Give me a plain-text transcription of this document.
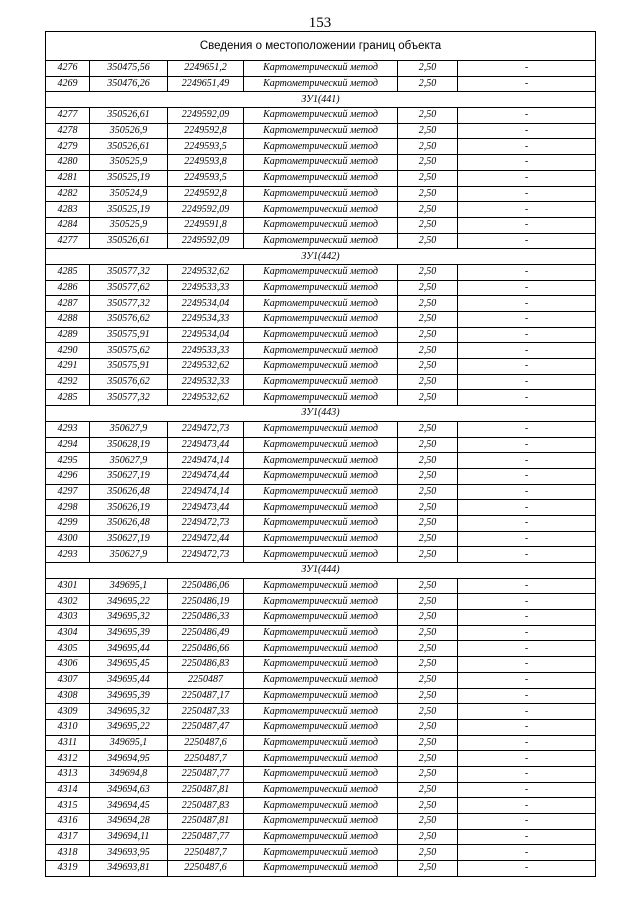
153
Сведения о местоположении границ объекта					
4276	350475,56	2249651,2	Картометрический метод	2,50	-
4269	350476,26	2249651,49	Картометрический метод	2,50	-
ЗУ1(441)					
4277	350526,61	2249592,09	Картометрический метод	2,50	-
4278	350526,9	2249592,8	Картометрический метод	2,50	-
4279	350526,61	2249593,5	Картометрический метод	2,50	-
4280	350525,9	2249593,8	Картометрический метод	2,50	-
4281	350525,19	2249593,5	Картометрический метод	2,50	-
4282	350524,9	2249592,8	Картометрический метод	2,50	-
4283	350525,19	2249592,09	Картометрический метод	2,50	-
4284	350525,9	2249591,8	Картометрический метод	2,50	-
4277	350526,61	2249592,09	Картометрический метод	2,50	-
ЗУ1(442)					
4285	350577,32	2249532,62	Картометрический метод	2,50	-
4286	350577,62	2249533,33	Картометрический метод	2,50	-
4287	350577,32	2249534,04	Картометрический метод	2,50	-
4288	350576,62	2249534,33	Картометрический метод	2,50	-
4289	350575,91	2249534,04	Картометрический метод	2,50	-
4290	350575,62	2249533,33	Картометрический метод	2,50	-
4291	350575,91	2249532,62	Картометрический метод	2,50	-
4292	350576,62	2249532,33	Картометрический метод	2,50	-
4285	350577,32	2249532,62	Картометрический метод	2,50	-
ЗУ1(443)					
4293	350627,9	2249472,73	Картометрический метод	2,50	-
4294	350628,19	2249473,44	Картометрический метод	2,50	-
4295	350627,9	2249474,14	Картометрический метод	2,50	-
4296	350627,19	2249474,44	Картометрический метод	2,50	-
4297	350626,48	2249474,14	Картометрический метод	2,50	-
4298	350626,19	2249473,44	Картометрический метод	2,50	-
4299	350626,48	2249472,73	Картометрический метод	2,50	-
4300	350627,19	2249472,44	Картометрический метод	2,50	-
4293	350627,9	2249472,73	Картометрический метод	2,50	-
ЗУ1(444)					
4301	349695,1	2250486,06	Картометрический метод	2,50	-
4302	349695,22	2250486,19	Картометрический метод	2,50	-
4303	349695,32	2250486,33	Картометрический метод	2,50	-
4304	349695,39	2250486,49	Картометрический метод	2,50	-
4305	349695,44	2250486,66	Картометрический метод	2,50	-
4306	349695,45	2250486,83	Картометрический метод	2,50	-
4307	349695,44	2250487	Картометрический метод	2,50	-
4308	349695,39	2250487,17	Картометрический метод	2,50	-
4309	349695,32	2250487,33	Картометрический метод	2,50	-
4310	349695,22	2250487,47	Картометрический метод	2,50	-
4311	349695,1	2250487,6	Картометрический метод	2,50	-
4312	349694,95	2250487,7	Картометрический метод	2,50	-
4313	349694,8	2250487,77	Картометрический метод	2,50	-
4314	349694,63	2250487,81	Картометрический метод	2,50	-
4315	349694,45	2250487,83	Картометрический метод	2,50	-
4316	349694,28	2250487,81	Картометрический метод	2,50	-
4317	349694,11	2250487,77	Картометрический метод	2,50	-
4318	349693,95	2250487,7	Картометрический метод	2,50	-
4319	349693,81	2250487,6	Картометрический метод	2,50	-
